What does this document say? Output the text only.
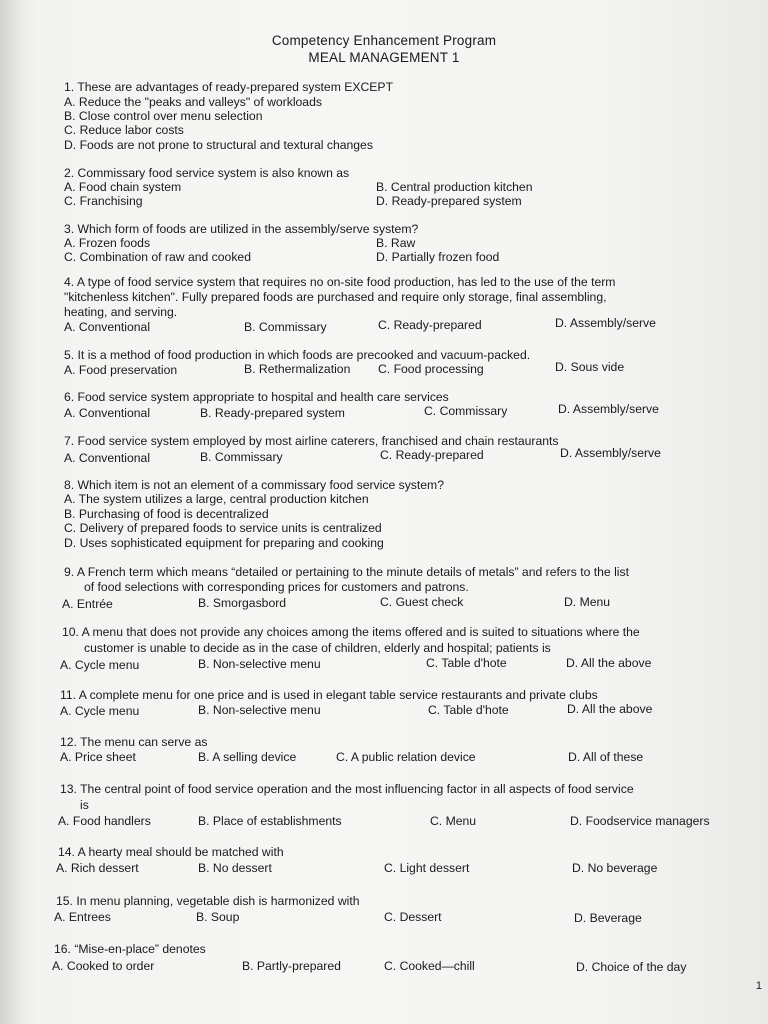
Competency Enhancement Program
MEAL MANAGEMENT 1
1. These are advantages of ready-prepared system EXCEPT
A. Reduce the "peaks and valleys" of workloads
B. Close control over menu selection
C. Reduce labor costs
D. Foods are not prone to structural and textural changes
2. Commissary food service system is also known as
A. Food chain system	B. Central production kitchen
C. Franchising	D. Ready-prepared system
3. Which form of foods are utilized in the assembly/serve system?
A. Frozen foods	B. Raw
C. Combination of raw and cooked	D. Partially frozen food
4. A type of food service system that requires no on-site food production, has led to the use of the term
"kitchenless kitchen". Fully prepared foods are purchased and require only storage, final assembling,
heating, and serving.
A. Conventional	B. Commissary	C. Ready-prepared	D. Assembly/serve
5. It is a method of food production in which foods are precooked and vacuum-packed.
A. Food preservation	B. Rethermalization C. Food processing	D. Sous vide
6. Food service system appropriate to hospital and health care services
A. Conventional	B. Ready-prepared system	C. Commissary	D. Assembly/serve
7. Food service system employed by most airline caterers, franchised and chain restaurants
A. Conventional	B. Commissary	C. Ready-prepared	D. Assembly/serve
8. Which item is not an element of a commissary food service system?
A. The system utilizes a large, central production kitchen
B. Purchasing of food is decentralized
C. Delivery of prepared foods to service units is centralized
D. Uses sophisticated equipment for preparing and cooking
9. A French term which means “detailed or pertaining to the minute details of metals” and refers to the list
of food selections with corresponding prices for customers and patrons.
A. Entrée	B. Smorgasbord	C. Guest check	D. Menu
10. A menu that does not provide any choices among the items offered and is suited to situations where the
customer is unable to decide as in the case of children, elderly and hospital; patients is
A. Cycle menu	B. Non-selective menu	C. Table d'hote	D. All the above
11. A complete menu for one price and is used in elegant table service restaurants and private clubs
A. Cycle menu	B. Non-selective menu	C. Table d'hote	D. All the above
12. The menu can serve as
A. Price sheet	B. A selling device	C. A public relation device	D. All of these
13. The central point of food service operation and the most influencing factor in all aspects of food service
is
A. Food handlers	B. Place of establishments	C. Menu	D. Foodservice managers
14. A hearty meal should be matched with
A. Rich dessert	B. No dessert	C. Light dessert	D. No beverage
15. In menu planning, vegetable dish is harmonized with
A. Entrees	B. Soup	C. Dessert	D. Beverage
16. “Mise-en-place” denotes
A. Cooked to order	B. Partly-prepared	C. Cooked—chill	D. Choice of the day
1
